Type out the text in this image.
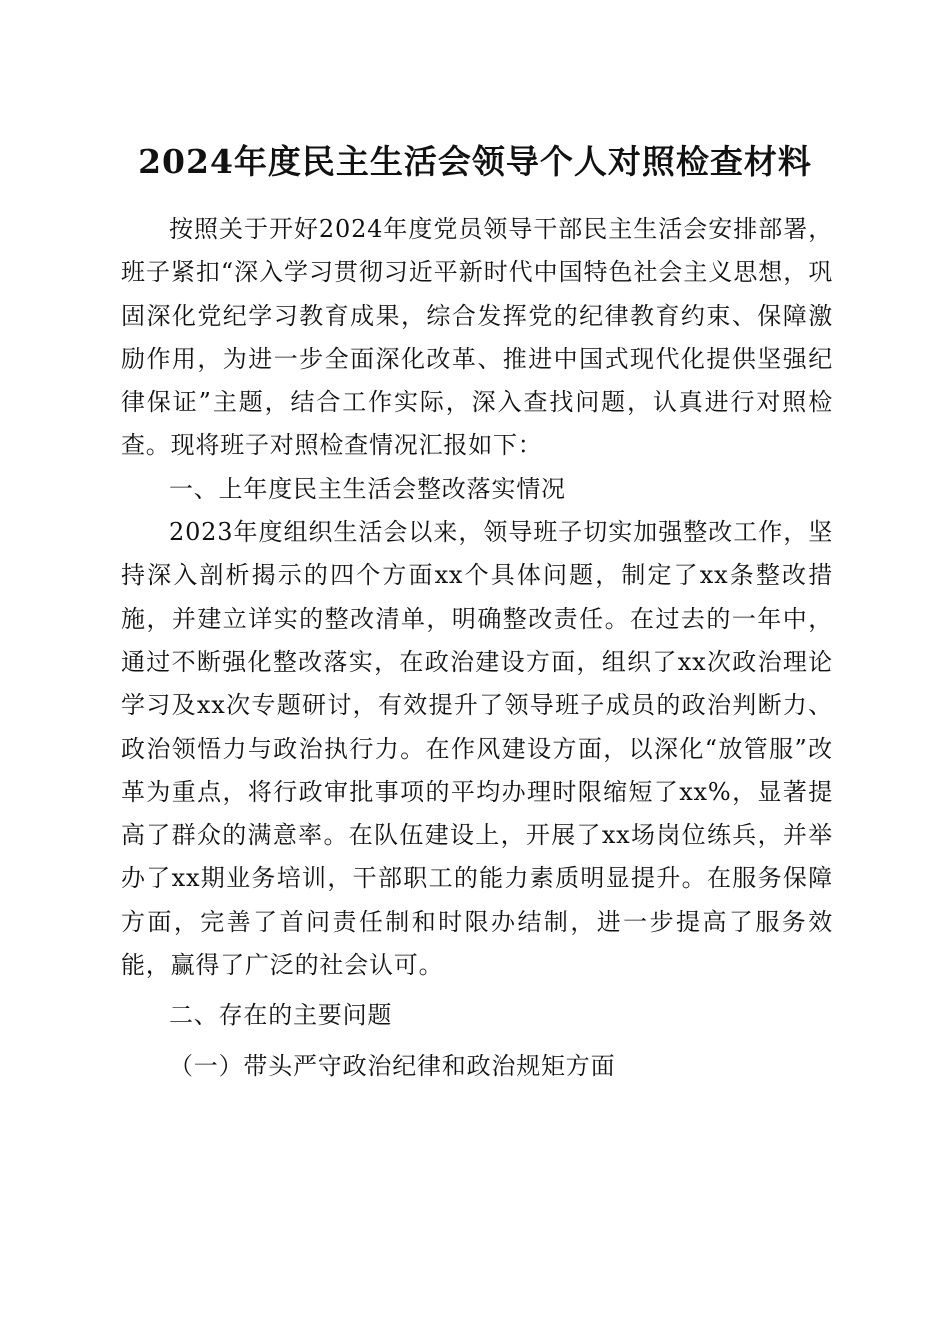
2024年度民主生活会领导个人对照检查材料

按照关于开好2024年度党员领导干部民主生活会安排部署，班子紧扣“深入学习贯彻习近平新时代中国特色社会主义思想，巩固深化党纪学习教育成果，综合发挥党的纪律教育约束、保障激励作用，为进一步全面深化改革、推进中国式现代化提供坚强纪律保证”主题，结合工作实际，深入查找问题，认真进行对照检查。现将班子对照检查情况汇报如下：

一、上年度民主生活会整改落实情况

2023年度组织生活会以来，领导班子切实加强整改工作，坚持深入剖析揭示的四个方面xx个具体问题，制定了xx条整改措施，并建立详实的整改清单，明确整改责任。在过去的一年中，通过不断强化整改落实，在政治建设方面，组织了xx次政治理论学习及xx次专题研讨，有效提升了领导班子成员的政治判断力、政治领悟力与政治执行力。在作风建设方面，以深化“放管服”改革为重点，将行政审批事项的平均办理时限缩短了xx%，显著提高了群众的满意率。在队伍建设上，开展了xx场岗位练兵，并举办了xx期业务培训，干部职工的能力素质明显提升。在服务保障方面，完善了首问责任制和时限办结制，进一步提高了服务效能，赢得了广泛的社会认可。

二、存在的主要问题

（一）带头严守政治纪律和政治规矩方面
